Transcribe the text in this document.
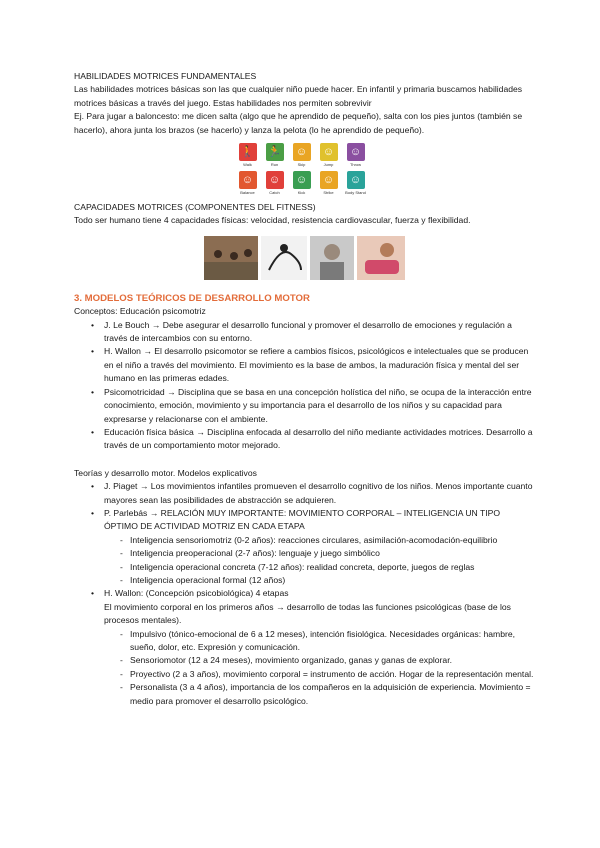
HABILIDADES MOTRICES FUNDAMENTALES

Las habilidades motrices básicas son las que cualquier niño puede hacer. En infantil y primaria buscamos habilidades motrices básicas a través del juego. Estas habilidades nos permiten sobrevivir

Ej. Para jugar a baloncesto: me dicen salta (algo que he aprendido de pequeño), salta con los pies juntos (también se hacerlo), ahora junta los brazos (se hacerlo) y lanza la pelota (lo he aprendido de pequeño).

🚶
Walk
🏃
Run
☺
Skip
☺
Jump
☺
Throw
☺
Balance
☺
Catch
☺
Kick
☺
Strike
☺
Body Stand

CAPACIDADES MOTRICES (COMPONENTES DEL FITNESS)

Todo ser humano tiene 4 capacidades físicas: velocidad, resistencia cardiovascular, fuerza y flexibilidad.

3. MODELOS TEÓRICOS DE DESARROLLO MOTOR

Conceptos: Educación psicomotriz

• J. Le Bouch → Debe asegurar el desarrollo funcional y promover el desarrollo de emociones y regulación a través de intercambios con su entorno.
• H. Wallon → El desarrollo psicomotor se refiere a cambios físicos, psicológicos e intelectuales que se producen en el niño a través del movimiento. El movimiento es la base de ambos, la maduración física y mental del ser humano en las primeras edades.
• Psicomotricidad → Disciplina que se basa en una concepción holística del niño, se ocupa de la interacción entre conocimiento, emoción, movimiento y su importancia para el desarrollo de los niños y su capacidad para expresarse y relacionarse con el ambiente.
• Educación física básica → Disciplina enfocada al desarrollo del niño mediante actividades motrices. Desarrollo a través de un comportamiento motor mejorado.

Teorías y desarrollo motor. Modelos explicativos

• J. Piaget → Los movimientos infantiles promueven el desarrollo cognitivo de los niños. Menos importante cuanto mayores sean las posibilidades de abstracción se adquieren.
• P. Parlebás → RELACIÓN MUY IMPORTANTE: MOVIMIENTO CORPORAL – INTELIGENCIA UN TIPO ÓPTIMO DE ACTIVIDAD MOTRIZ EN CADA ETAPA
- Inteligencia sensoriomotriz (0-2 años): reacciones circulares, asimilación-acomodación-equilibrio
- Inteligencia preoperacional (2-7 años): lenguaje y juego simbólico
- Inteligencia operacional concreta (7-12 años): realidad concreta, deporte, juegos de reglas
- Inteligencia operacional formal (12 años)
• H. Wallon: (Concepción psicobiológica) 4 etapas
El movimiento corporal en los primeros años → desarrollo de todas las funciones psicológicas (base de los procesos mentales).
- Impulsivo (tónico-emocional de 6 a 12 meses), intención fisiológica. Necesidades orgánicas: hambre, sueño, dolor, etc. Expresión y comunicación.
- Sensoriomotor (12 a 24 meses), movimiento organizado, ganas y ganas de explorar.
- Proyectivo (2 a 3 años), movimiento corporal = instrumento de acción. Hogar de la representación mental.
- Personalista (3 a 4 años), importancia de los compañeros en la adquisición de experiencia. Movimiento = medio para promover el desarrollo psicológico.
